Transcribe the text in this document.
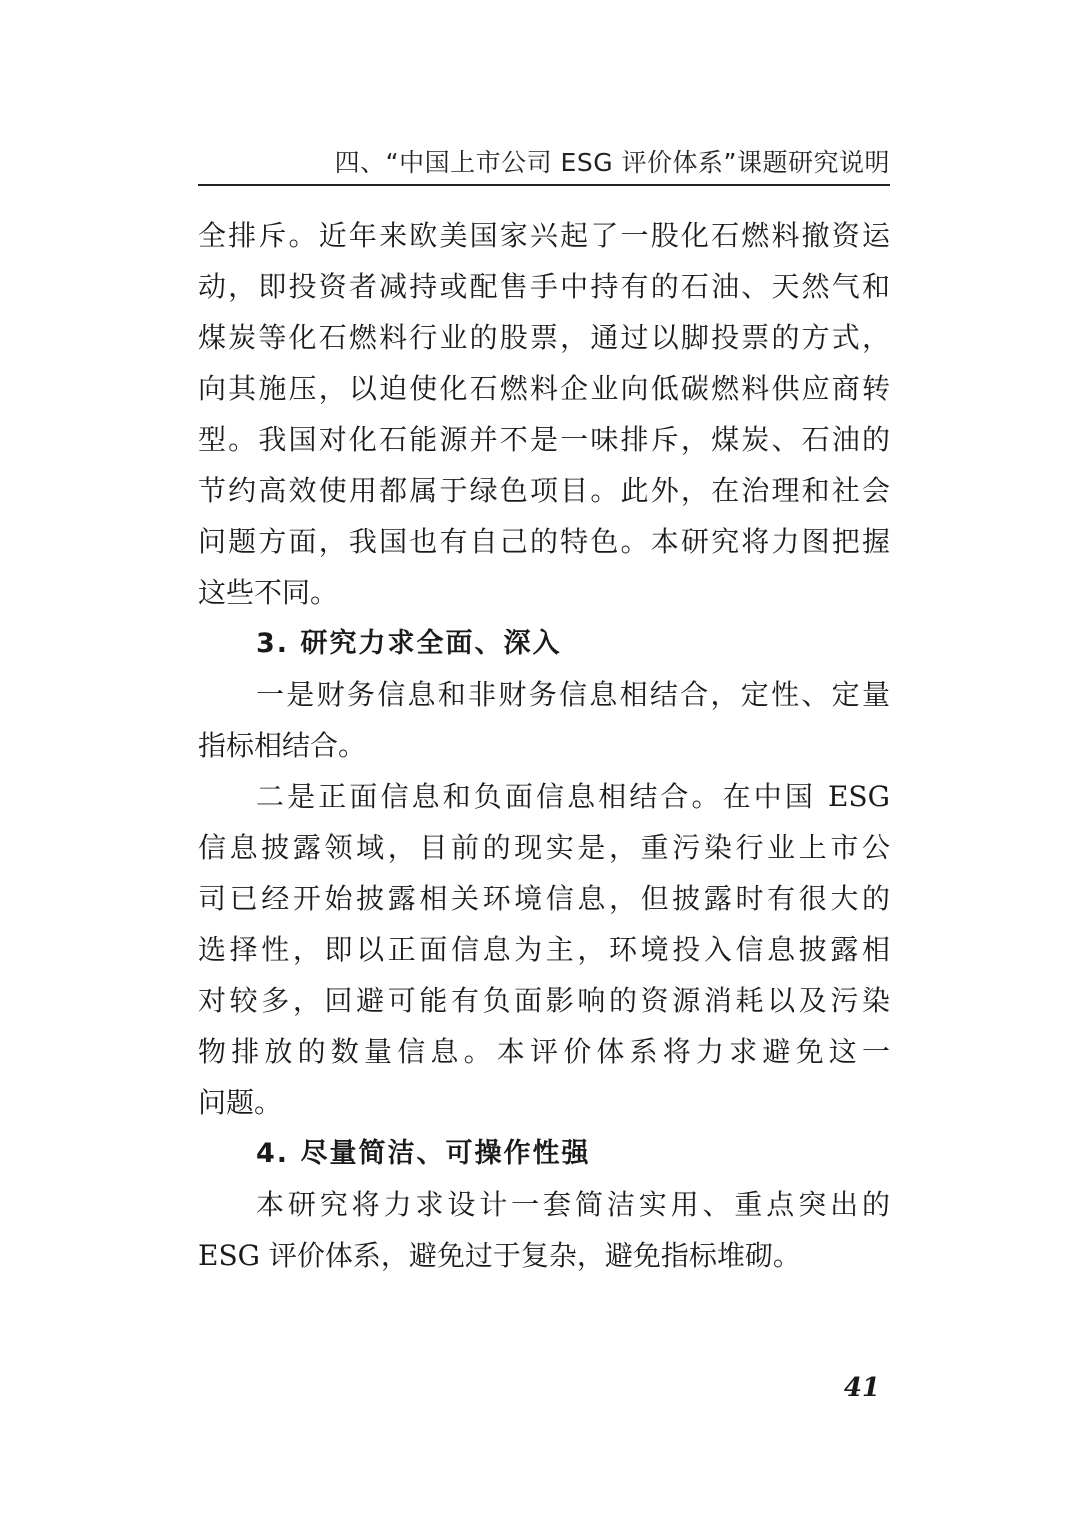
四、“中国上市公司 ESG 评价体系”课题研究说明
全排斥。近年来欧美国家兴起了一股化石燃料撤资运
动，即投资者减持或配售手中持有的石油、天然气和
煤炭等化石燃料行业的股票，通过以脚投票的方式，
向其施压，以迫使化石燃料企业向低碳燃料供应商转
型。我国对化石能源并不是一味排斥，煤炭、石油的
节约高效使用都属于绿色项目。此外，在治理和社会
问题方面，我国也有自己的特色。本研究将力图把握
这些不同。
3. 研究力求全面、深入
一是财务信息和非财务信息相结合，定性、定量
指标相结合。
二是正面信息和负面信息相结合。在中国 ESG
信息披露领域，目前的现实是，重污染行业上市公
司已经开始披露相关环境信息，但披露时有很大的
选择性，即以正面信息为主，环境投入信息披露相
对较多，回避可能有负面影响的资源消耗以及污染
物排放的数量信息。本评价体系将力求避免这一
问题。
4. 尽量简洁、可操作性强
本研究将力求设计一套简洁实用、重点突出的
ESG 评价体系，避免过于复杂，避免指标堆砌。
41
